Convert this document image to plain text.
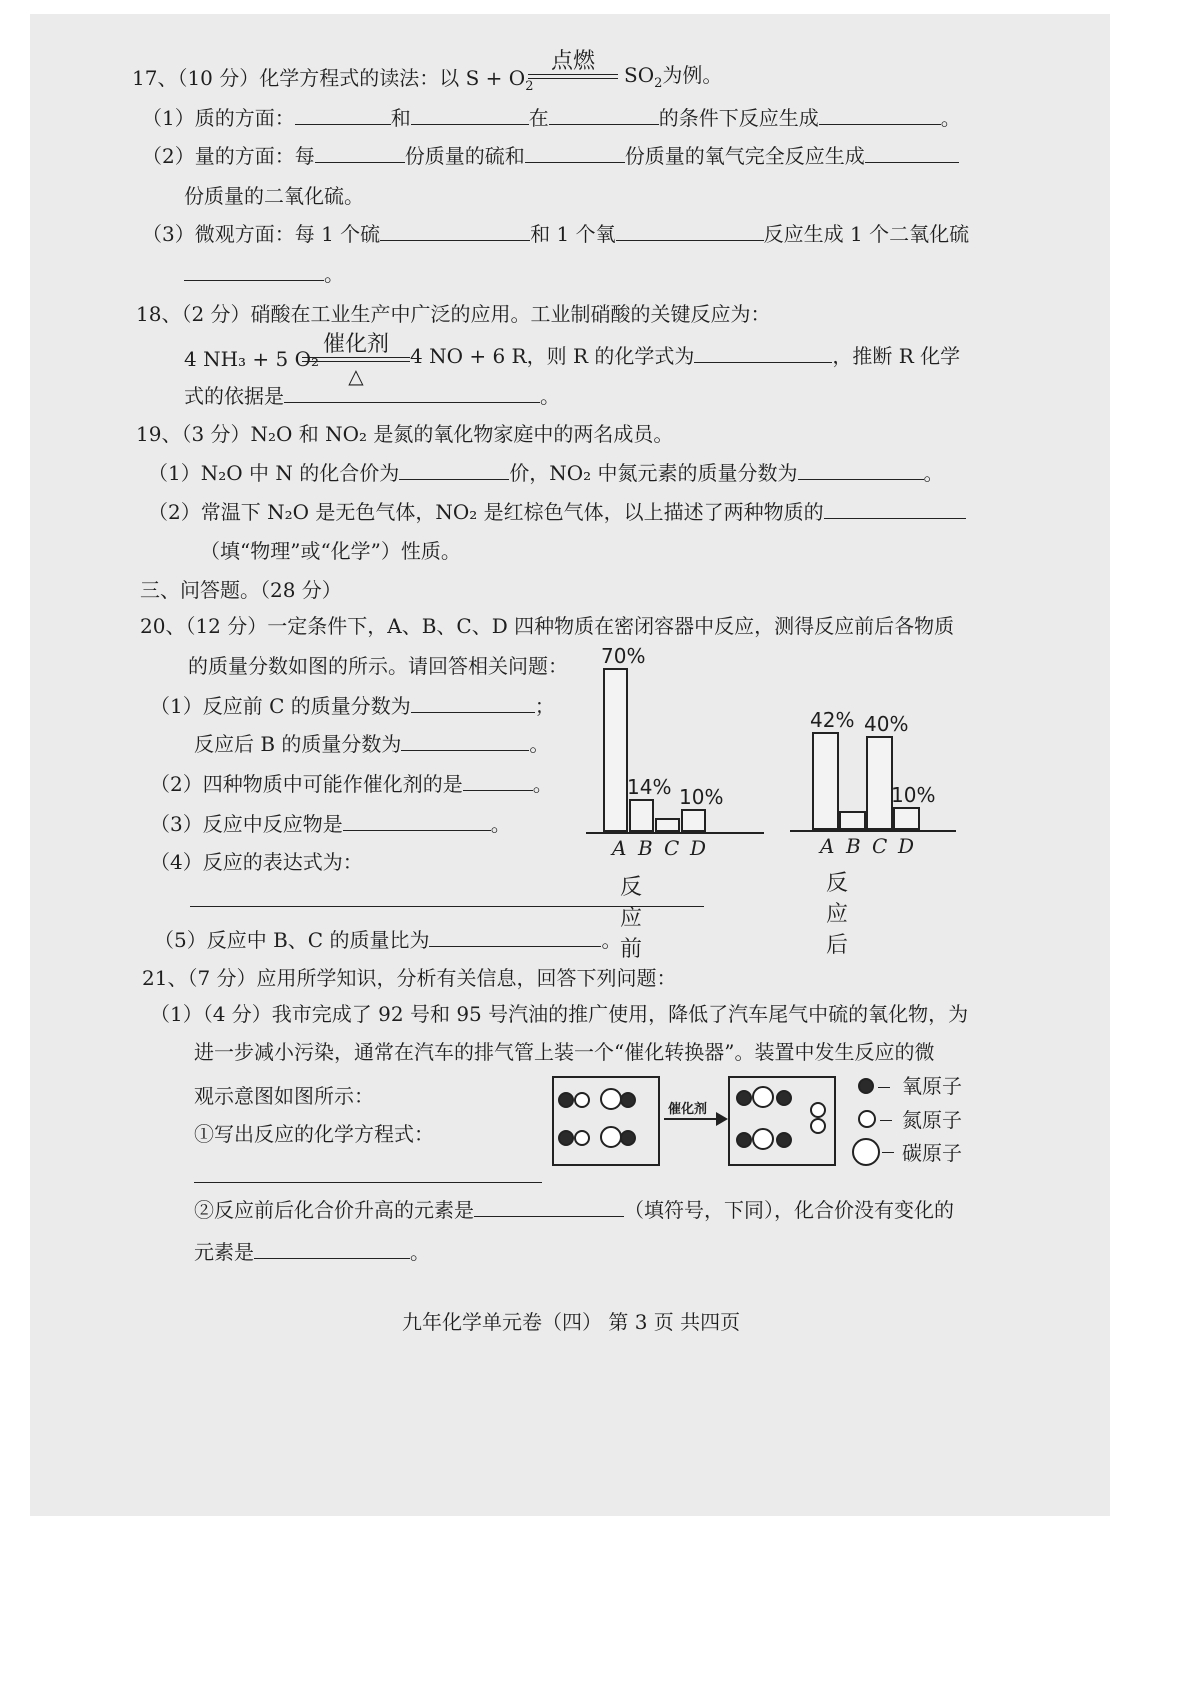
17、（10 分）化学方程式的读法：以 $S + O_2$
点燃
$SO_2$为例。
（1）质的方面：	和	在	的条件下反应生成	。
（2）量的方面：每	份质量的硫和	份质量的氧气完全反应生成
份质量的二氧化硫。
（3）微观方面：每 1 个硫	和 1 个氧	反应生成 1 个二氧化硫
。
18、（2 分）硝酸在工业生产中广泛的应用。工业制硝酸的关键反应为：
4 NH₃ + 5 O₂
催化剂
△
4 NO + 6 R，则 R 的化学式为	，推断 R 化学
式的依据是	。
19、（3 分）N₂O 和 NO₂ 是氮的氧化物家庭中的两名成员。
（1）N₂O 中 N 的化合价为	价，NO₂ 中氮元素的质量分数为	。
（2）常温下 N₂O 是无色气体，NO₂ 是红棕色气体，以上描述了两种物质的
（填“物理”或“化学”）性质。
三、问答题。（28 分）
20、（12 分）一定条件下，A、B、C、D 四种物质在密闭容器中反应，测得反应前后各物质
的质量分数如图的所示。请回答相关问题：
（1）反应前 C 的质量分数为	；
反应后 B 的质量分数为	。
（2）四种物质中可能作催化剂的是	。
（3）反应中反应物是	。
（4）反应的表达式为：
（5）反应中 B、C 的质量比为	。
70%
A
14%
B C
10%
D
反应前
42%
A B
40%
C
10%
D
反应后
21、（7 分）应用所学知识，分析有关信息，回答下列问题：
（1）（4 分）我市完成了 92 号和 95 号汽油的推广使用，降低了汽车尾气中硫的氧化物，为
进一步减小污染，通常在汽车的排气管上装一个“催化转换器”。装置中发生反应的微
观示意图如图所示：
①写出反应的化学方程式：
催化剂
氧原子
氮原子
碳原子
②反应前后化合价升高的元素是	（填符号，下同），化合价没有变化的
元素是	。
九年化学单元卷（四） 第 3 页 共四页
